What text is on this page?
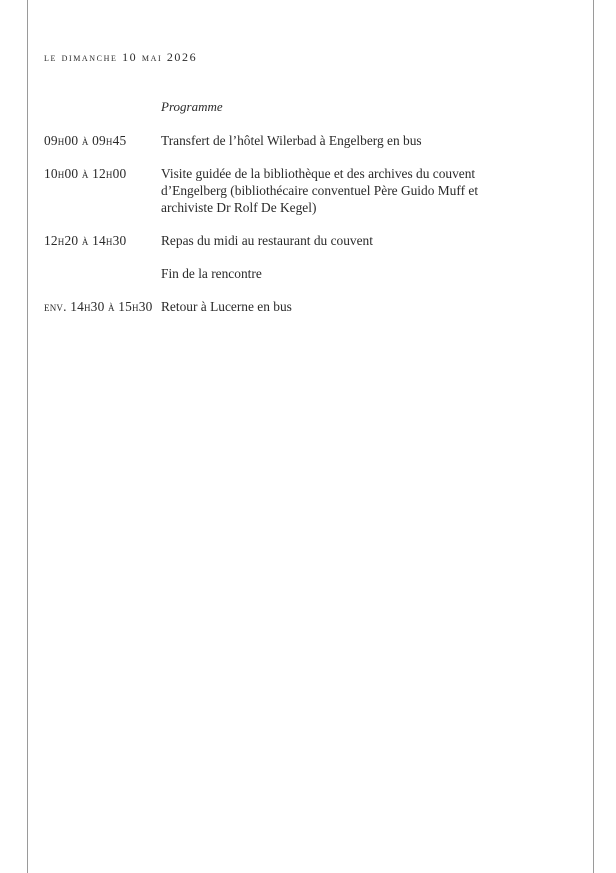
le dimanche 10 mai 2026
Programme
09h00 à 09h45	Transfert de l’hôtel Wilerbad à Engelberg en bus
10h00 à 12h00	Visite guidée de la bibliothèque et des archives du couvent d’Engelberg (bibliothécaire conventuel Père Guido Muff et archiviste Dr Rolf De Kegel)
12h20 à 14h30	Repas du midi au restaurant du couvent
Fin de la rencontre
env. 14h30 à 15h30 Retour à Lucerne en bus
